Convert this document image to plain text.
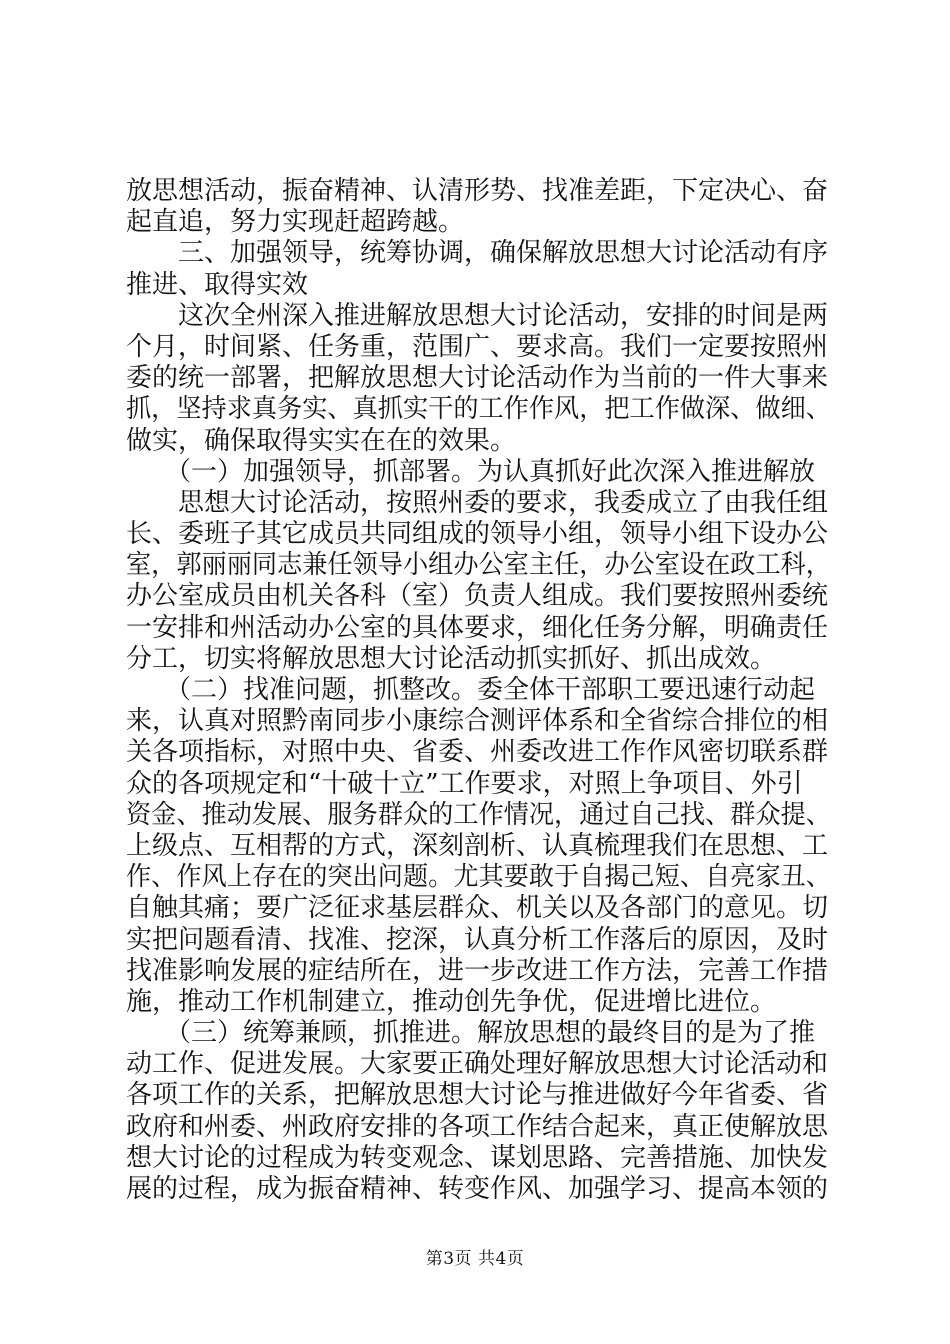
放思想活动，振奋精神、认清形势、找准差距，下定决心、奋
起直追，努力实现赶超跨越。
　　三、加强领导，统筹协调，确保解放思想大讨论活动有序
推进、取得实效
　　这次全州深入推进解放思想大讨论活动，安排的时间是两
个月，时间紧、任务重，范围广、要求高。我们一定要按照州
委的统一部署，把解放思想大讨论活动作为当前的一件大事来
抓，坚持求真务实、真抓实干的工作作风，把工作做深、做细、
做实，确保取得实实在在的效果。
　　（一）加强领导，抓部署。为认真抓好此次深入推进解放
　　思想大讨论活动，按照州委的要求，我委成立了由我任组
长、委班子其它成员共同组成的领导小组，领导小组下设办公
室，郭丽丽同志兼任领导小组办公室主任，办公室设在政工科，
办公室成员由机关各科（室）负责人组成。我们要按照州委统
一安排和州活动办公室的具体要求，细化任务分解，明确责任
分工，切实将解放思想大讨论活动抓实抓好、抓出成效。
　　（二）找准问题，抓整改。委全体干部职工要迅速行动起
来，认真对照黔南同步小康综合测评体系和全省综合排位的相
关各项指标，对照中央、省委、州委改进工作作风密切联系群
众的各项规定和“十破十立”工作要求，对照上争项目、外引
资金、推动发展、服务群众的工作情况，通过自己找、群众提、
上级点、互相帮的方式，深刻剖析、认真梳理我们在思想、工
作、作风上存在的突出问题。尤其要敢于自揭己短、自亮家丑、
自触其痛；要广泛征求基层群众、机关以及各部门的意见。切
实把问题看清、找准、挖深，认真分析工作落后的原因，及时
找准影响发展的症结所在，进一步改进工作方法，完善工作措
施，推动工作机制建立，推动创先争优，促进增比进位。
　　（三）统筹兼顾，抓推进。解放思想的最终目的是为了推
动工作、促进发展。大家要正确处理好解放思想大讨论活动和
各项工作的关系，把解放思想大讨论与推进做好今年省委、省
政府和州委、州政府安排的各项工作结合起来，真正使解放思
想大讨论的过程成为转变观念、谋划思路、完善措施、加快发
展的过程，成为振奋精神、转变作风、加强学习、提高本领的
第3页 共4页
